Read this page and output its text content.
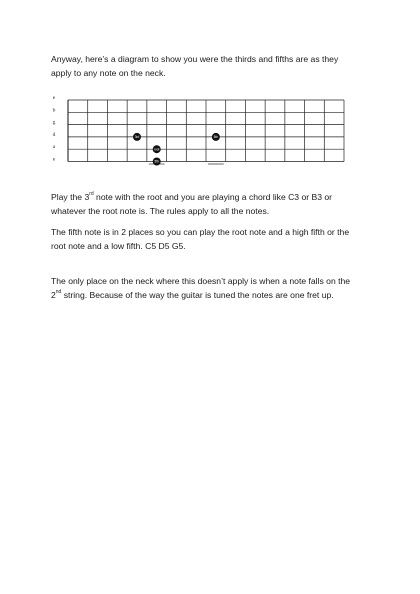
Anyway, here’s a diagram to show you were the thirds and fifths are as they
apply to any note on the neck.

e
b
g
d
a
e
3rd	5th
root
5th

Play the 3rd note with the root and you are playing a chord like C3 or B3 or
whatever the root note is. The rules apply to all the notes.

The fifth note is in 2 places so you can play the root note and a high fifth or the
root note and a low fifth. C5 D5 G5.

The only place on the neck where this doesn’t apply is when a note falls on the
2nd string. Because of the way the guitar is tuned the notes are one fret up.
